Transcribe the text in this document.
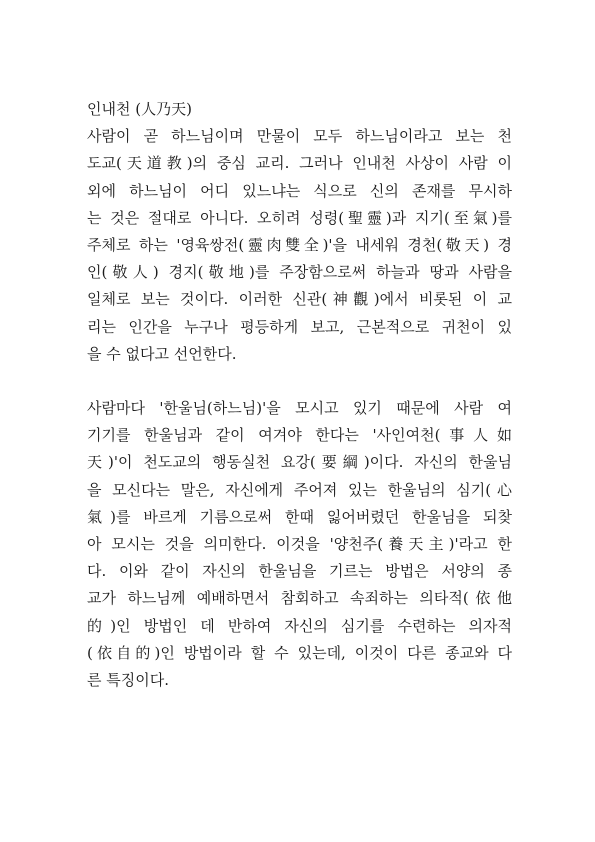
인내천 (人乃天)
사람이 곧 하느님이며 만물이 모두 하느님이라고 보는 천
도교(天道教)의 중심 교리. 그러나 인내천 사상이 사람 이
외에 하느님이 어디 있느냐는 식으로 신의 존재를 무시하
는 것은 절대로 아니다. 오히려 성령(聖靈)과 지기(至氣)를
주체로 하는 '영육쌍전(靈肉雙全)'을 내세워 경천(敬天) 경
인(敬人) 경지(敬地)를 주장함으로써 하늘과 땅과 사람을
일체로 보는 것이다. 이러한 신관(神觀)에서 비롯된 이 교
리는 인간을 누구나 평등하게 보고, 근본적으로 귀천이 있
을 수 없다고 선언한다.
사람마다 '한울님(하느님)'을 모시고 있기 때문에 사람 여
기기를 한울님과 같이 여겨야 한다는 '사인여천(事人如
天)'이 천도교의 행동실천 요강(要綱)이다. 자신의 한울님
을 모신다는 말은, 자신에게 주어져 있는 한울님의 심기(心
氣)를 바르게 기름으로써 한때 잃어버렸던 한울님을 되찾
아 모시는 것을 의미한다. 이것을 '양천주(養天主)'라고 한
다. 이와 같이 자신의 한울님을 기르는 방법은 서양의 종
교가 하느님께 예배하면서 참회하고 속죄하는 의타적(依他
的)인 방법인 데 반하여 자신의 심기를 수련하는 의자적
(依自的)인 방법이라 할 수 있는데, 이것이 다른 종교와 다
른 특징이다.
